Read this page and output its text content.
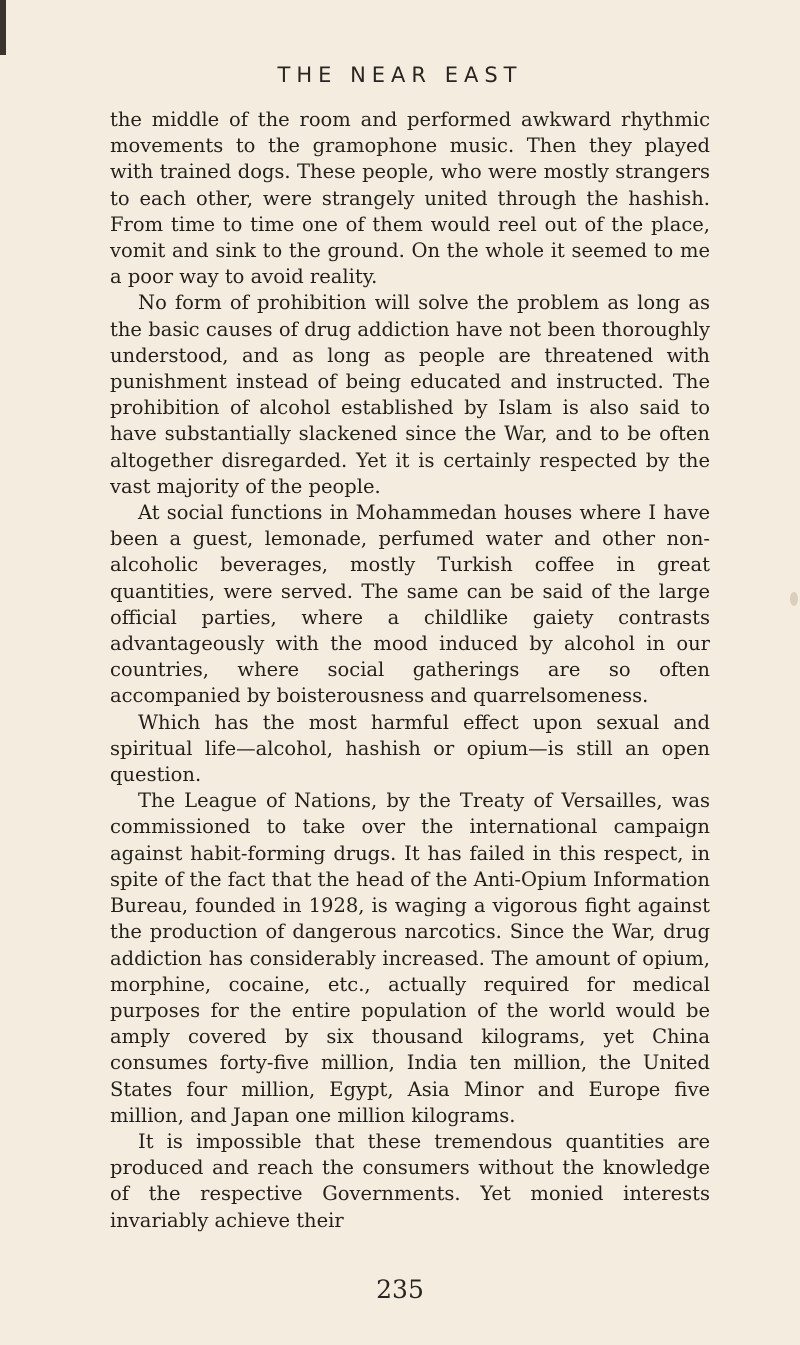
THE NEAR EAST

the middle of the room and performed awkward rhythmic movements to the gramophone music. Then they played with trained dogs. These people, who were mostly strangers to each other, were strangely united through the hashish. From time to time one of them would reel out of the place, vomit and sink to the ground. On the whole it seemed to me a poor way to avoid reality.

No form of prohibition will solve the problem as long as the basic causes of drug addiction have not been thoroughly understood, and as long as people are threatened with punishment instead of being educated and instructed. The prohibition of alcohol established by Islam is also said to have substantially slackened since the War, and to be often altogether disregarded. Yet it is certainly respected by the vast majority of the people.

At social functions in Mohammedan houses where I have been a guest, lemonade, perfumed water and other non-alcoholic beverages, mostly Turkish coffee in great quantities, were served. The same can be said of the large official parties, where a childlike gaiety contrasts advantageously with the mood induced by alcohol in our countries, where social gatherings are so often accompanied by boisterousness and quarrelsomeness.

Which has the most harmful effect upon sexual and spiritual life—alcohol, hashish or opium—is still an open question.

The League of Nations, by the Treaty of Versailles, was commissioned to take over the international campaign against habit-forming drugs. It has failed in this respect, in spite of the fact that the head of the Anti-Opium Information Bureau, founded in 1928, is waging a vigorous fight against the production of dangerous narcotics. Since the War, drug addiction has considerably increased. The amount of opium, morphine, cocaine, etc., actually required for medical purposes for the entire population of the world would be amply covered by six thousand kilograms, yet China consumes forty-five million, India ten million, the United States four million, Egypt, Asia Minor and Europe five million, and Japan one million kilograms.

It is impossible that these tremendous quantities are produced and reach the consumers without the knowledge of the respective Governments. Yet monied interests invariably achieve their

235
